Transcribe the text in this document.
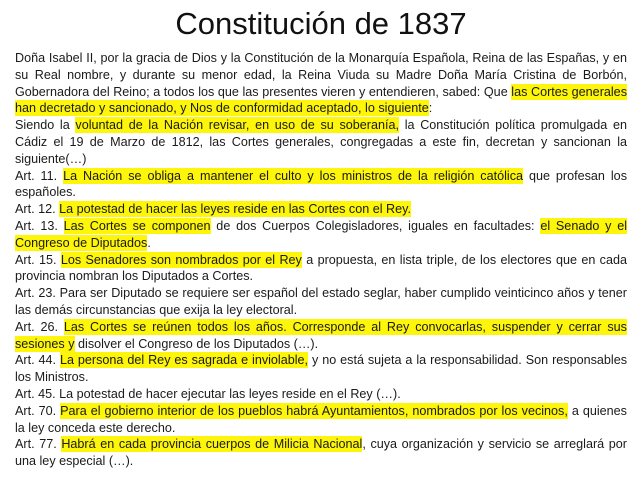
Constitución de 1837

Doña Isabel II, por la gracia de Dios y la Constitución de la Monarquía Española, Reina de las Españas, y en su Real nombre, y durante su menor edad, la Reina Viuda su Madre Doña María Cristina de Borbón, Gobernadora del Reino; a todos los que las presentes vieren y entendieren, sabed: Que las Cortes generales han decretado y sancionado, y Nos de conformidad aceptado, lo siguiente:

Siendo la voluntad de la Nación revisar, en uso de su soberanía, la Constitución política promulgada en Cádiz el 19 de Marzo de 1812, las Cortes generales, congregadas a este fin, decretan y sancionan la siguiente(…)

Art. 11. La Nación se obliga a mantener el culto y los ministros de la religión católica que profesan los españoles.

Art. 12. La potestad de hacer las leyes reside en las Cortes con el Rey.

Art. 13. Las Cortes se componen de dos Cuerpos Colegisladores, iguales en facultades: el Senado y el Congreso de Diputados.

Art. 15. Los Senadores son nombrados por el Rey a propuesta, en lista triple, de los electores que en cada provincia nombran los Diputados a Cortes.

Art. 23. Para ser Diputado se requiere ser español del estado seglar, haber cumplido veinticinco años y tener las demás circunstancias que exija la ley electoral.

Art. 26. Las Cortes se reúnen todos los años. Corresponde al Rey convocarlas, suspender y cerrar sus sesiones y disolver el Congreso de los Diputados (…).

Art. 44. La persona del Rey es sagrada e inviolable, y no está sujeta a la responsabilidad. Son responsables los Ministros.

Art. 45. La potestad de hacer ejecutar las leyes reside en el Rey (…).

Art. 70. Para el gobierno interior de los pueblos habrá Ayuntamientos, nombrados por los vecinos, a quienes la ley conceda este derecho.

Art. 77. Habrá en cada provincia cuerpos de Milicia Nacional, cuya organización y servicio se arreglará por una ley especial (…).
